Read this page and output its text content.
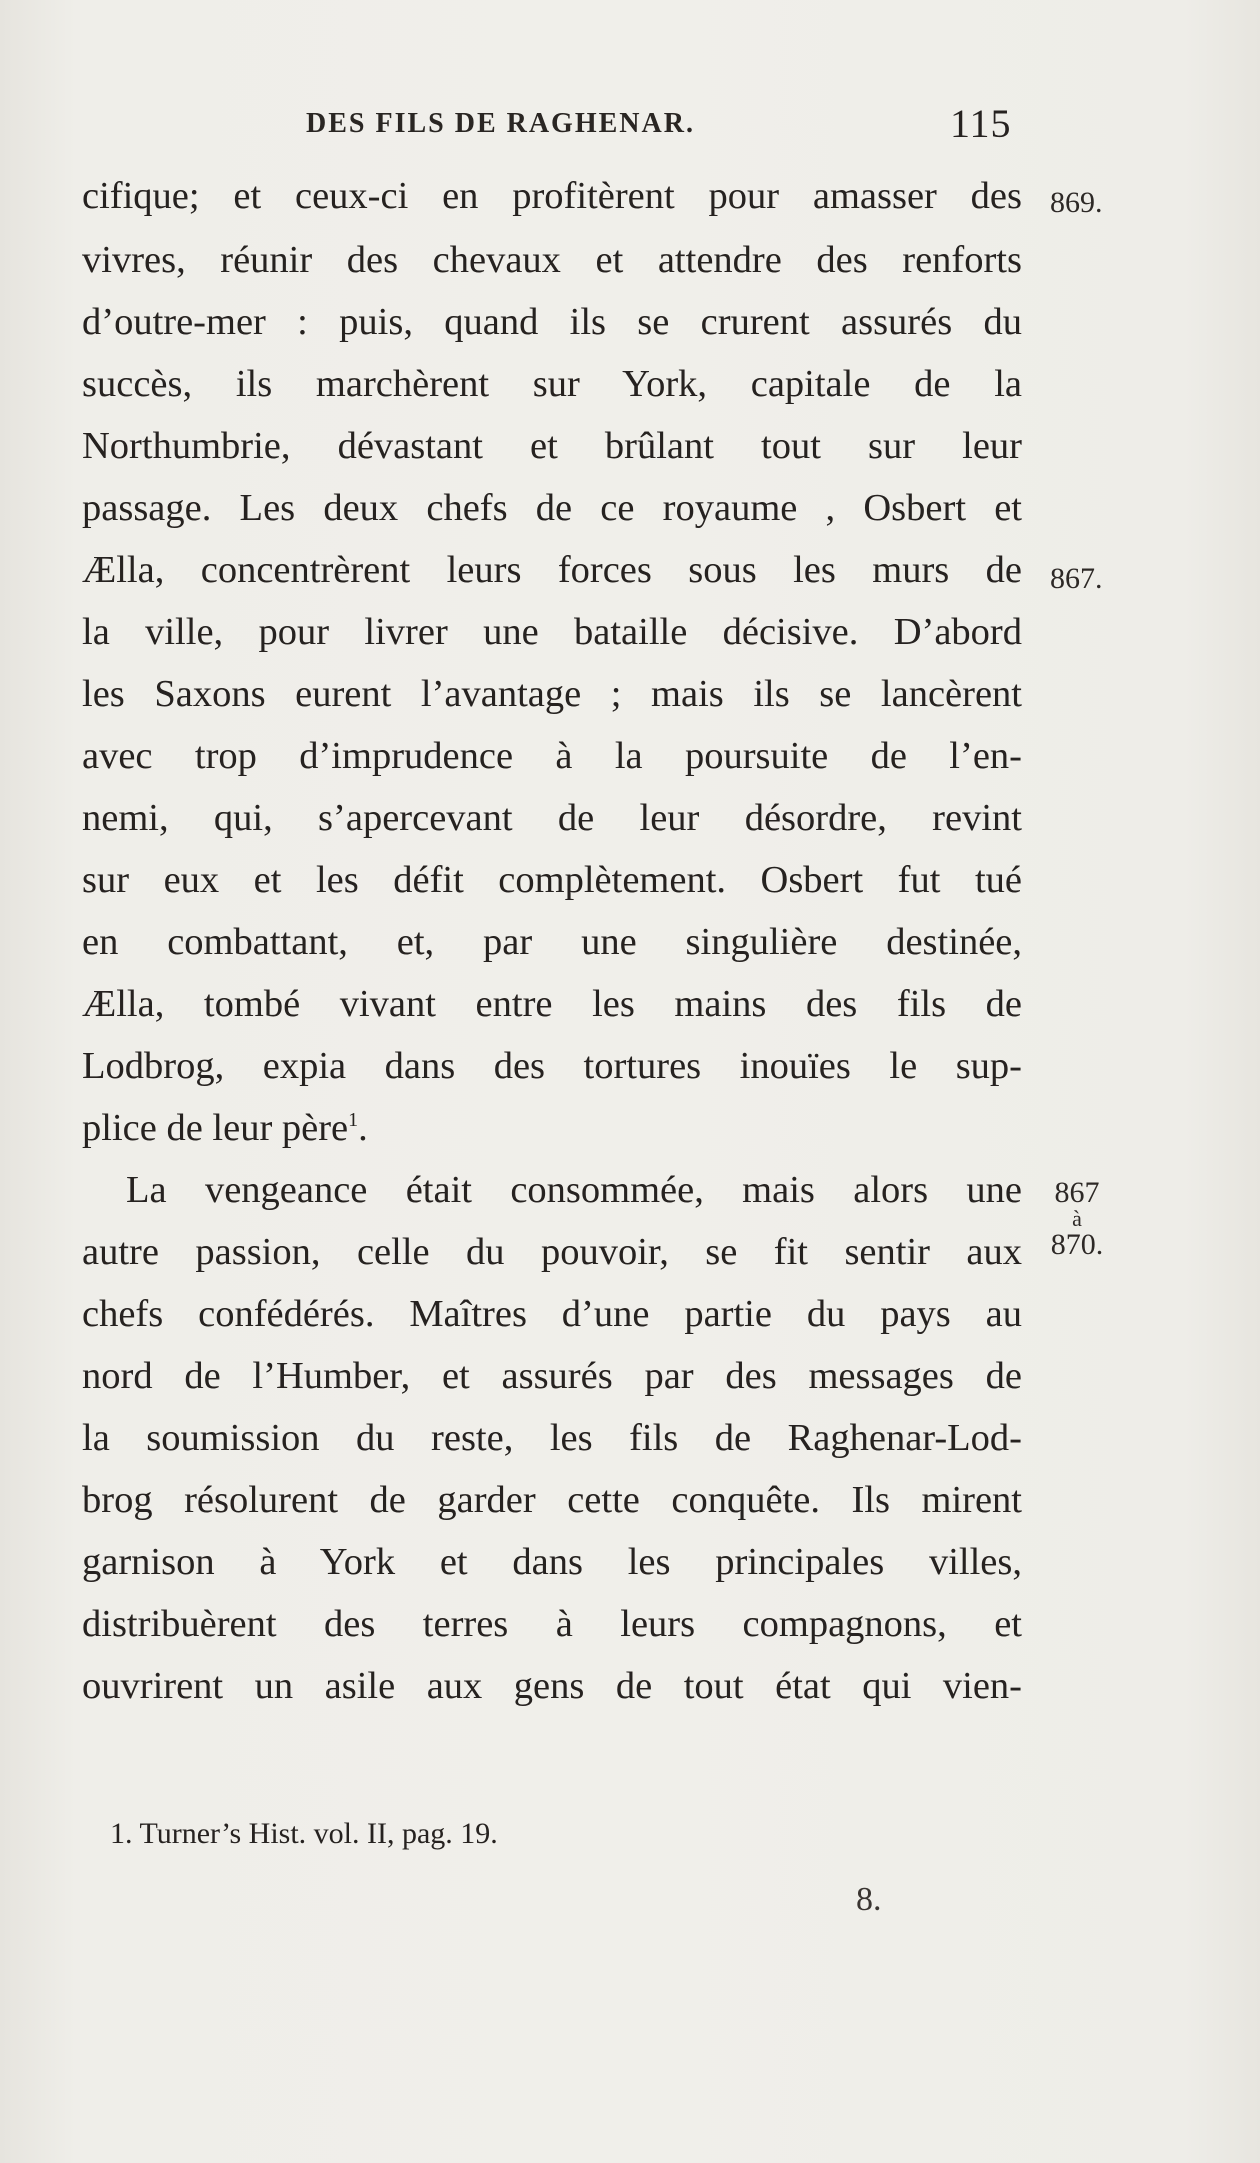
DES FILS DE RAGHENAR.	115
cifique; et ceux-ci en profitèrent pour amasser des
vivres, réunir des chevaux et attendre des renforts
d’outre-mer : puis, quand ils se crurent assurés du
succès, ils marchèrent sur York, capitale de la
Northumbrie, dévastant et brûlant tout sur leur
passage. Les deux chefs de ce royaume , Osbert et
Ælla, concentrèrent leurs forces sous les murs de
la ville, pour livrer une bataille décisive. D’abord
les Saxons eurent l’avantage ; mais ils se lancèrent
avec trop d’imprudence à la poursuite de l’en-
nemi, qui, s’apercevant de leur désordre, revint
sur eux et les défit complètement. Osbert fut tué
en combattant, et, par une singulière destinée,
Ælla, tombé vivant entre les mains des fils de
Lodbrog, expia dans des tortures inouïes le sup-
plice de leur père$^1$.
La vengeance était consommée, mais alors une
autre passion, celle du pouvoir, se fit sentir aux
chefs confédérés. Maîtres d’une partie du pays au
nord de l’Humber, et assurés par des messages de
la soumission du reste, les fils de Raghenar-Lod-
brog résolurent de garder cette conquête. Ils mirent
garnison à York et dans les principales villes,
distribuèrent des terres à leurs compagnons, et
ouvrirent un asile aux gens de tout état qui vien-
869.
867.
867
à
870.
1. Turner’s Hist. vol. II, pag. 19.
8.
